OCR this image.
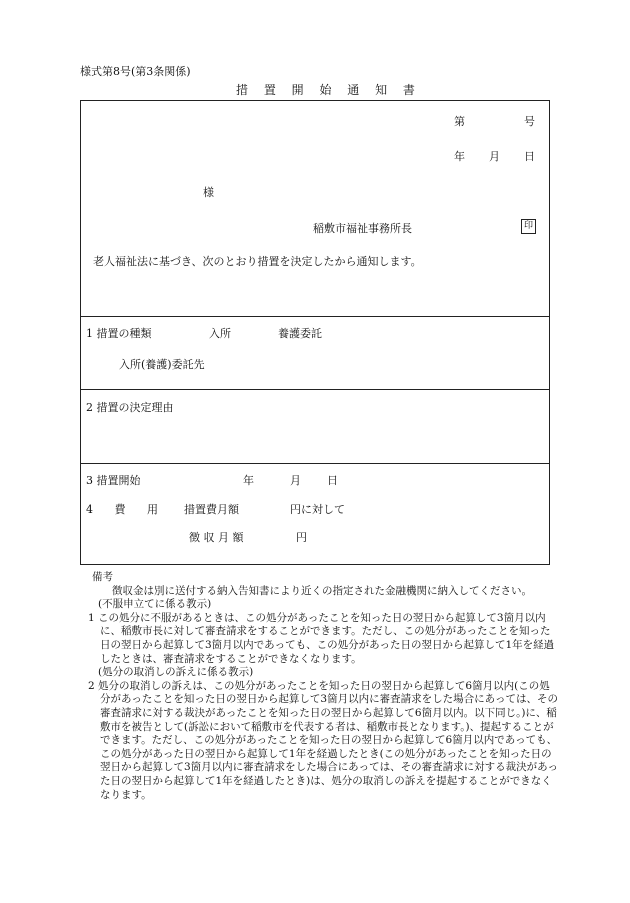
様式第8号(第3条関係)
措 置 開 始 通 知 書
第	号
年 月 日
様
稲敷市福祉事務所長	印
老人福祉法に基づき、次のとおり措置を決定したから通知します。
1 措置の種類	入所	養護委託
入所(養護)委託先
2 措置の決定理由
3 措置開始	年	月 日
4 費 用 措置費月額	円に対して
徴 収 月 額	円

備考

徴収金は別に送付する納入告知書により近くの指定された金融機関に納入してください。

(不服申立てに係る教示)

1 この処分に不服があるときは、この処分があったことを知った日の翌日から起算して3箇月以内に、稲敷市長に対して審査請求をすることができます。ただし、この処分があったことを知った日の翌日から起算して3箇月以内であっても、この処分があった日の翌日から起算して1年を経過したときは、審査請求をすることができなくなります。

(処分の取消しの訴えに係る教示)

2 処分の取消しの訴えは、この処分があったことを知った日の翌日から起算して6箇月以内(この処分があったことを知った日の翌日から起算して3箇月以内に審査請求をした場合にあっては、その審査請求に対する裁決があったことを知った日の翌日から起算して6箇月以内。以下同じ。)に、稲敷市を被告として(訴訟において稲敷市を代表する者は、稲敷市長となります。)、提起することができます。ただし、この処分があったことを知った日の翌日から起算して6箇月以内であっても、この処分があった日の翌日から起算して1年を経過したとき(この処分があったことを知った日の翌日から起算して3箇月以内に審査請求をした場合にあっては、その審査請求に対する裁決があった日の翌日から起算して1年を経過したとき)は、処分の取消しの訴えを提起することができなくなります。
